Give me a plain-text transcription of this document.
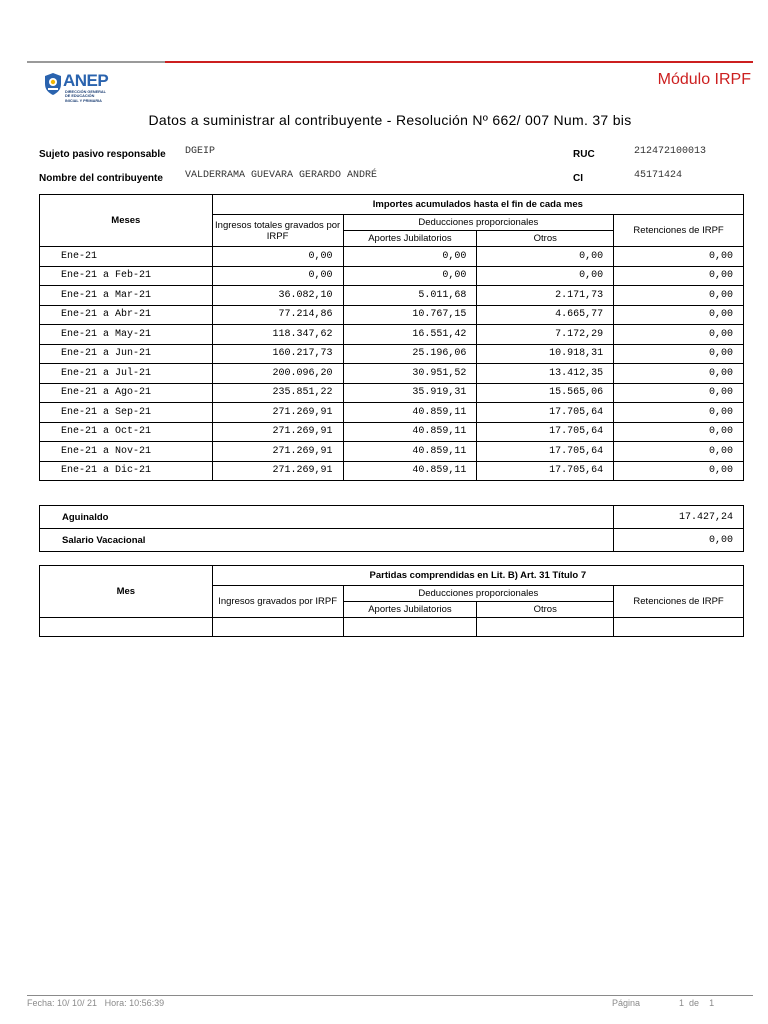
ANEP
DIRECCIÓN GENERAL
DE EDUCACIÓN
INICIAL Y PRIMARIA
Módulo IRPF
Datos a suministrar al contribuyente - Resolución Nº 662/ 007 Num. 37 bis
Sujeto pasivo responsable DGEIP
Nombre del contribuyente VALDERRAMA GUEVARA GERARDO ANDRÉ
RUC	212472100013
CI	45171424
Meses	Importes acumulados hasta el fin de cada mes			
	Ingresos totales gravados por IRPF	Deducciones proporcionales		Retenciones de IRPF
		Aportes Jubilatorios	Otros	
Ene-21	0,00	0,00	0,00	0,00
Ene-21 a Feb-21	0,00	0,00	0,00	0,00
Ene-21 a Mar-21	36.082,10	5.011,68	2.171,73	0,00
Ene-21 a Abr-21	77.214,86	10.767,15	4.665,77	0,00
Ene-21 a May-21	118.347,62	16.551,42	7.172,29	0,00
Ene-21 a Jun-21	160.217,73	25.196,06	10.918,31	0,00
Ene-21 a Jul-21	200.096,20	30.951,52	13.412,35	0,00
Ene-21 a Ago-21	235.851,22	35.919,31	15.565,06	0,00
Ene-21 a Sep-21	271.269,91	40.859,11	17.705,64	0,00
Ene-21 a Oct-21	271.269,91	40.859,11	17.705,64	0,00
Ene-21 a Nov-21	271.269,91	40.859,11	17.705,64	0,00
Ene-21 a Dic-21	271.269,91	40.859,11	17.705,64	0,00
Aguinaldo	17.427,24
Salario Vacacional	0,00
Mes	Partidas comprendidas en Lit. B) Art. 31 Título 7			
	Ingresos gravados por IRPF	Deducciones proporcionales		Retenciones de IRPF
		Aportes Jubilatorios	Otros	

Fecha: 10/ 10/ 21 Hora: 10:56:39	Página	1 de 1
